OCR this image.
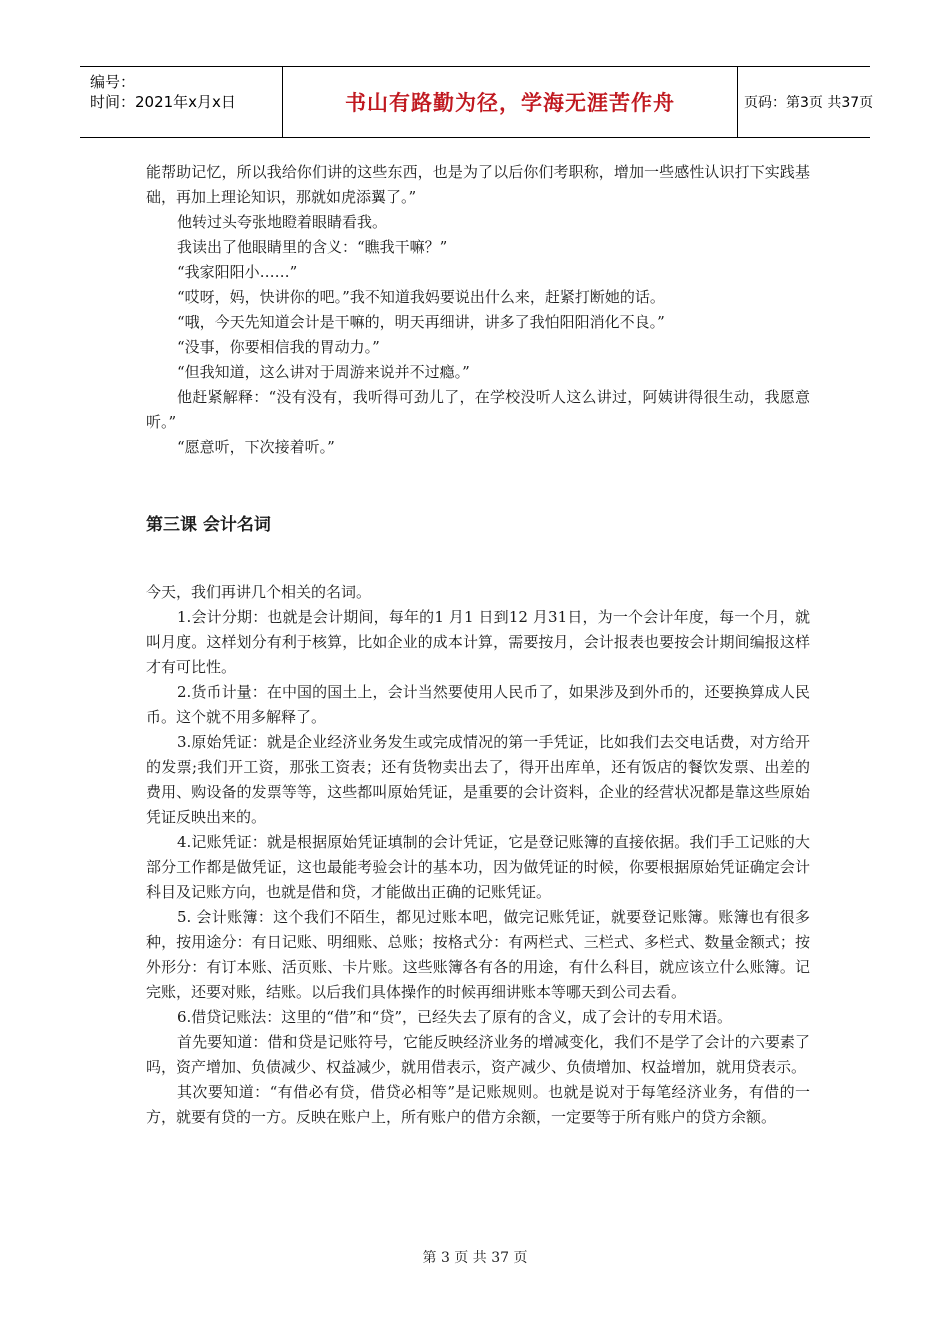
编号：
时间：2021年x月x日	书山有路勤为径，学海无涯苦作舟	页码：第3页 共37页

能帮助记忆，所以我给你们讲的这些东西，也是为了以后你们考职称，增加一些感性认识打下实践基础，再加上理论知识，那就如虎添翼了。”

他转过头夸张地瞪着眼睛看我。

我读出了他眼睛里的含义：“瞧我干嘛？”

“我家阳阳小……”

“哎呀，妈，快讲你的吧。”我不知道我妈要说出什么来，赶紧打断她的话。

“哦，今天先知道会计是干嘛的，明天再细讲，讲多了我怕阳阳消化不良。”

“没事，你要相信我的胃动力。”

“但我知道，这么讲对于周游来说并不过瘾。”

他赶紧解释：“没有没有，我听得可劲儿了，在学校没听人这么讲过，阿姨讲得很生动，我愿意听。”

“愿意听，下次接着听。”

第三课 会计名词

今天，我们再讲几个相关的名词。

1.会计分期：也就是会计期间，每年的1 月1 日到12 月31日，为一个会计年度，每一个月，就叫月度。这样划分有利于核算，比如企业的成本计算，需要按月，会计报表也要按会计期间编报这样才有可比性。

2.货币计量：在中国的国土上，会计当然要使用人民币了，如果涉及到外币的，还要换算成人民币。这个就不用多解释了。

3.原始凭证：就是企业经济业务发生或完成情况的第一手凭证，比如我们去交电话费，对方给开的发票;我们开工资，那张工资表；还有货物卖出去了，得开出库单，还有饭店的餐饮发票、出差的费用、购设备的发票等等，这些都叫原始凭证，是重要的会计资料，企业的经营状况都是靠这些原始凭证反映出来的。

4.记账凭证：就是根据原始凭证填制的会计凭证，它是登记账簿的直接依据。我们手工记账的大部分工作都是做凭证，这也最能考验会计的基本功，因为做凭证的时候，你要根据原始凭证确定会计科目及记账方向，也就是借和贷，才能做出正确的记账凭证。

5. 会计账簿：这个我们不陌生，都见过账本吧，做完记账凭证，就要登记账簿。账簿也有很多种，按用途分：有日记账、明细账、总账；按格式分：有两栏式、三栏式、多栏式、数量金额式；按外形分：有订本账、活页账、卡片账。这些账簿各有各的用途，有什么科目，就应该立什么账簿。记完账，还要对账，结账。以后我们具体操作的时候再细讲账本等哪天到公司去看。

6.借贷记账法：这里的“借”和“贷”，已经失去了原有的含义，成了会计的专用术语。

首先要知道：借和贷是记账符号，它能反映经济业务的增减变化，我们不是学了会计的六要素了吗，资产增加、负债减少、权益减少，就用借表示，资产减少、负债增加、权益增加，就用贷表示。

其次要知道：“有借必有贷，借贷必相等”是记账规则。也就是说对于每笔经济业务，有借的一方，就要有贷的一方。反映在账户上，所有账户的借方余额，一定要等于所有账户的贷方余额。

第 3 页 共 37 页
